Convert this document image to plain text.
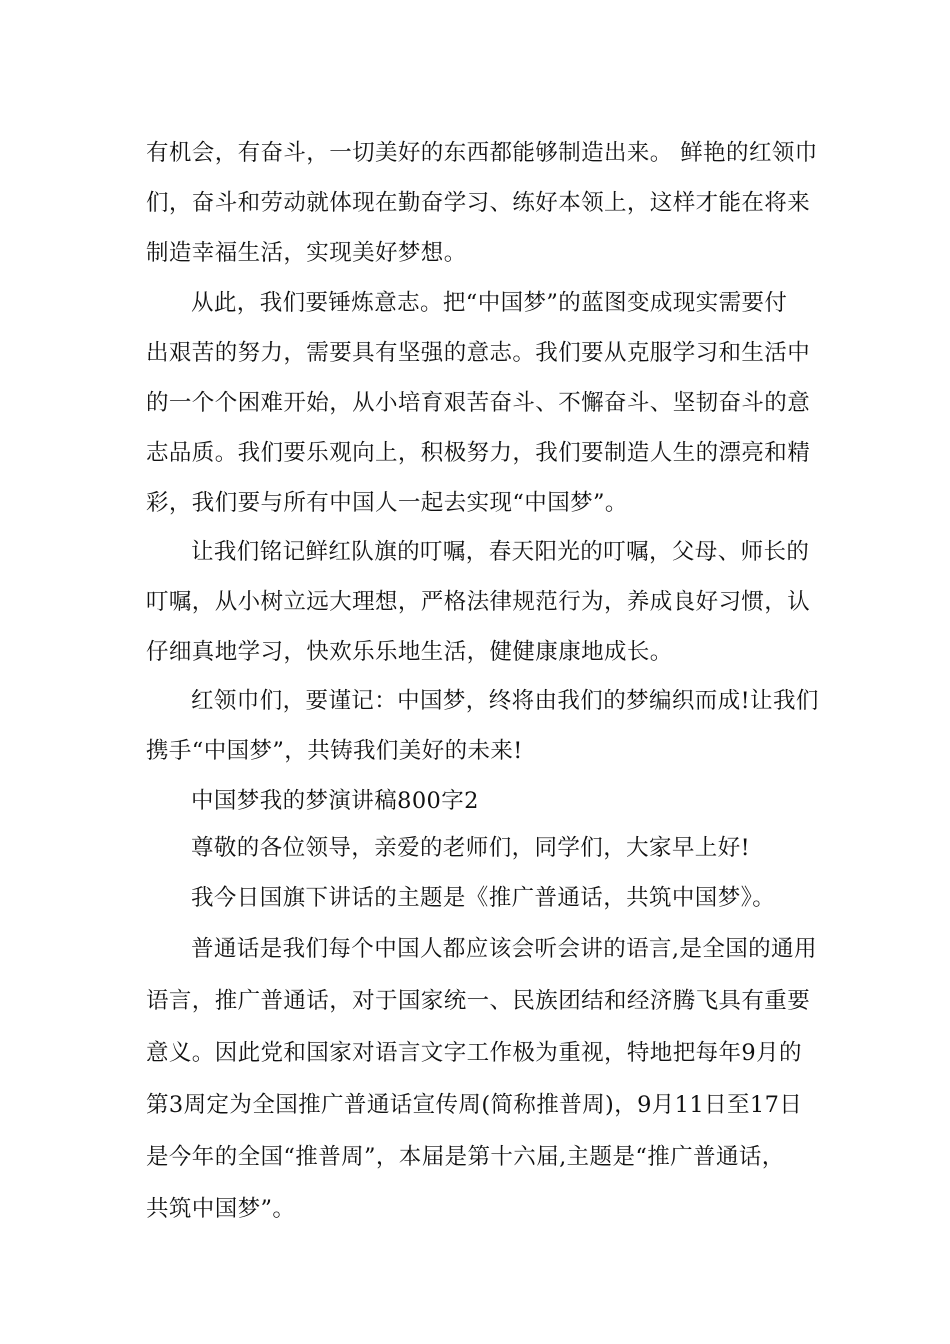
有机会，有奋斗，一切美好的东西都能够制造出来。 鲜艳的红领巾
们，奋斗和劳动就体现在勤奋学习、练好本领上，这样才能在将来
制造幸福生活，实现美好梦想。
从此，我们要锤炼意志。把“中国梦”的蓝图变成现实需要付
出艰苦的努力，需要具有坚强的意志。我们要从克服学习和生活中
的一个个困难开始，从小培育艰苦奋斗、不懈奋斗、坚韧奋斗的意
志品质。我们要乐观向上，积极努力，我们要制造人生的漂亮和精
彩，我们要与所有中国人一起去实现“中国梦”。
让我们铭记鲜红队旗的叮嘱，春天阳光的叮嘱，父母、师长的
叮嘱，从小树立远大理想，严格法律规范行为，养成良好习惯，认
仔细真地学习，快欢乐乐地生活，健健康康地成长。
红领巾们，要谨记：中国梦，终将由我们的梦编织而成!让我们
携手“中国梦”，共铸我们美好的未来!
中国梦我的梦演讲稿800字2
尊敬的各位领导，亲爱的老师们，同学们，大家早上好!
我今日国旗下讲话的主题是《推广普通话，共筑中国梦》。
普通话是我们每个中国人都应该会听会讲的语言,是全国的通用
语言，推广普通话，对于国家统一、民族团结和经济腾飞具有重要
意义。因此党和国家对语言文字工作极为重视，特地把每年9月的
第3周定为全国推广普通话宣传周(简称推普周)，9月11日至17日
是今年的全国“推普周”，本届是第十六届,主题是“推广普通话，
共筑中国梦”。
